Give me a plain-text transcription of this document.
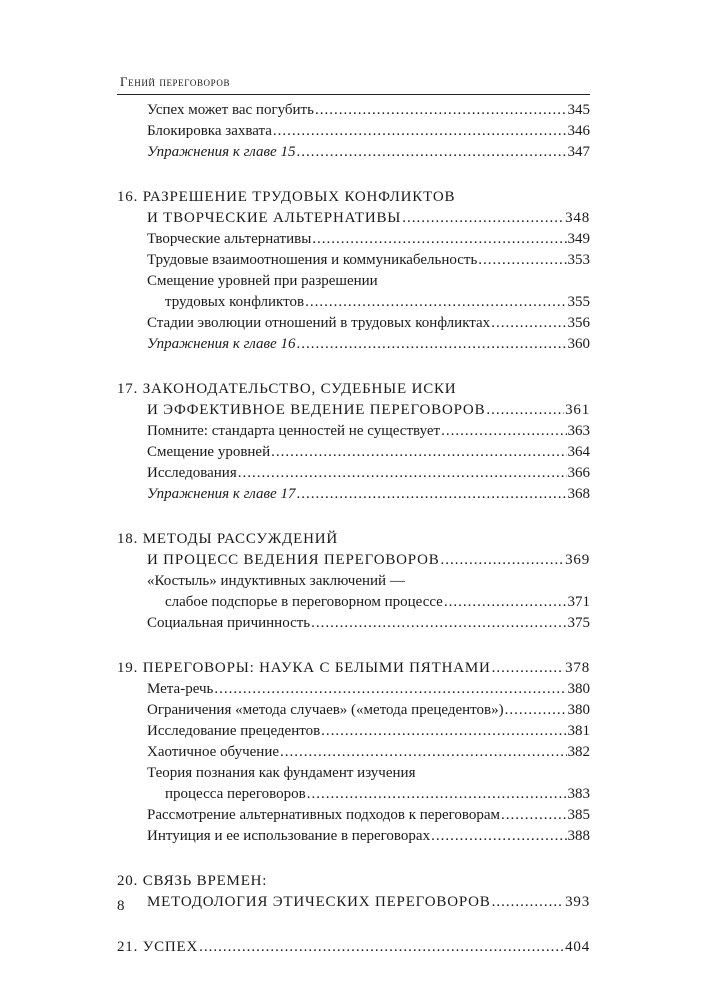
Гений переговоров
Успех может вас погубить .....	345
Блокировка захвата .....	346
Упражнения к главе 15 .....	347
16. РАЗРЕШЕНИЕ ТРУДОВЫХ КОНФЛИКТОВ
И ТВОРЧЕСКИЕ АЛЬТЕРНАТИВЫ .....	348
Творческие альтернативы .....	349
Трудовые взаимоотношения и коммуникабельность .....	353
Смещение уровней при разрешении
трудовых конфликтов .....	355
Стадии эволюции отношений в трудовых конфликтах .....	356
Упражнения к главе 16 .....	360
17. ЗАКОНОДАТЕЛЬСТВО, СУДЕБНЫЕ ИСКИ
И ЭФФЕКТИВНОЕ ВЕДЕНИЕ ПЕРЕГОВОРОВ .....	361
Помните: стандарта ценностей не существует .....	363
Смещение уровней .....	364
Исследования .....	366
Упражнения к главе 17 .....	368
18. МЕТОДЫ РАССУЖДЕНИЙ
И ПРОЦЕСС ВЕДЕНИЯ ПЕРЕГОВОРОВ .....	369
«Костыль» индуктивных заключений —
слабое подспорье в переговорном процессе .....	371
Социальная причинность .....	375
19. ПЕРЕГОВОРЫ: НАУКА С БЕЛЫМИ ПЯТНАМИ .....	378
Мета-речь .....	380
Ограничения «метода случаев» («метода прецедентов») .....	380
Исследование прецедентов .....	381
Хаотичное обучение .....	382
Теория познания как фундамент изучения
процесса переговоров .....	383
Рассмотрение альтернативных подходов к переговорам .....	385
Интуиция и ее использование в переговорах .....	388
20. СВЯЗЬ ВРЕМЕН:
МЕТОДОЛОГИЯ ЭТИЧЕСКИХ ПЕРЕГОВОРОВ .....	393
21. УСПЕХ .....	404
8
